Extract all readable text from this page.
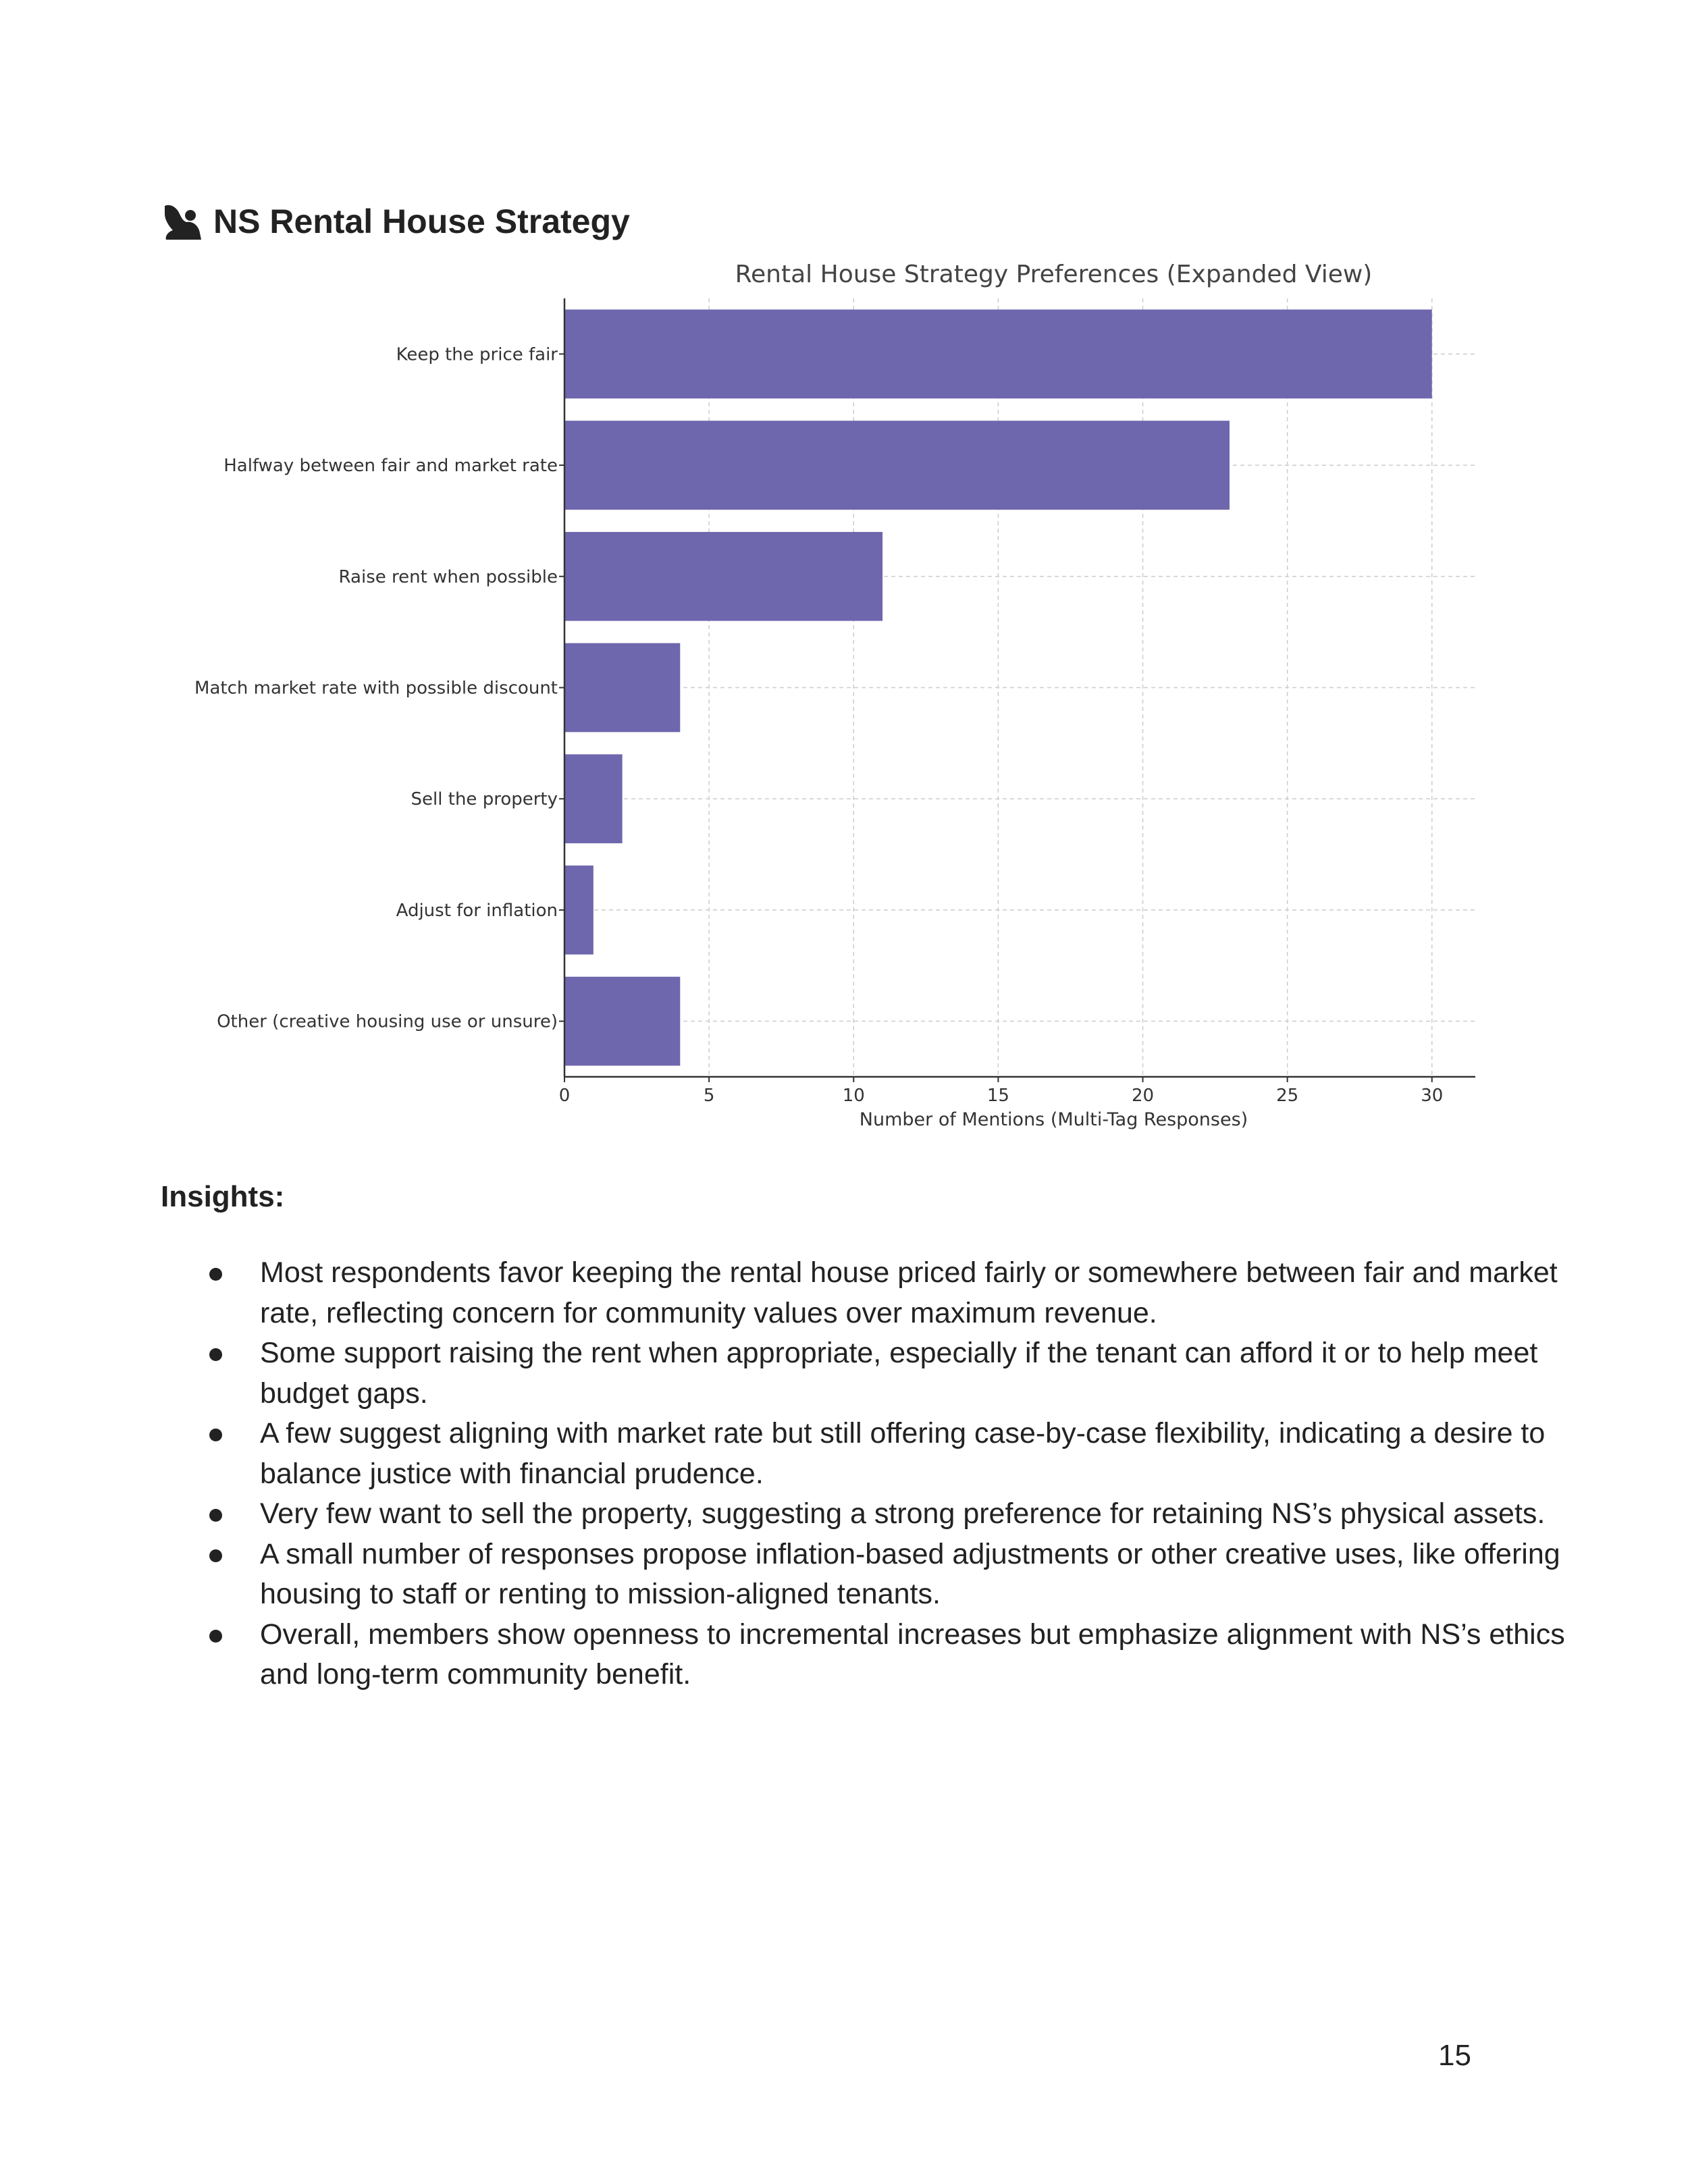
NS Rental House Strategy
Rental House Strategy Preferences (Expanded View)
Keep the price fair
Halfway between fair and market rate
Raise rent when possible
Match market rate with possible discount
Sell the property
Adjust for inflation
Other (creative housing use or unsure)
0	5	10	15	20	25	30
Number of Mentions (Multi-Tag Responses)
Insights:
Most respondents favor keeping the rental house priced fairly or somewhere between fair and market rate, reflecting concern for community values over maximum revenue.
Some support raising the rent when appropriate, especially if the tenant can afford it or to help meet budget gaps.
A few suggest aligning with market rate but still offering case-by-case flexibility, indicating a desire to balance justice with financial prudence.
Very few want to sell the property, suggesting a strong preference for retaining NS’s physical assets.
A small number of responses propose inflation-based adjustments or other creative uses, like offering housing to staff or renting to mission-aligned tenants.
Overall, members show openness to incremental increases but emphasize alignment with NS’s ethics and long-term community benefit.
15
